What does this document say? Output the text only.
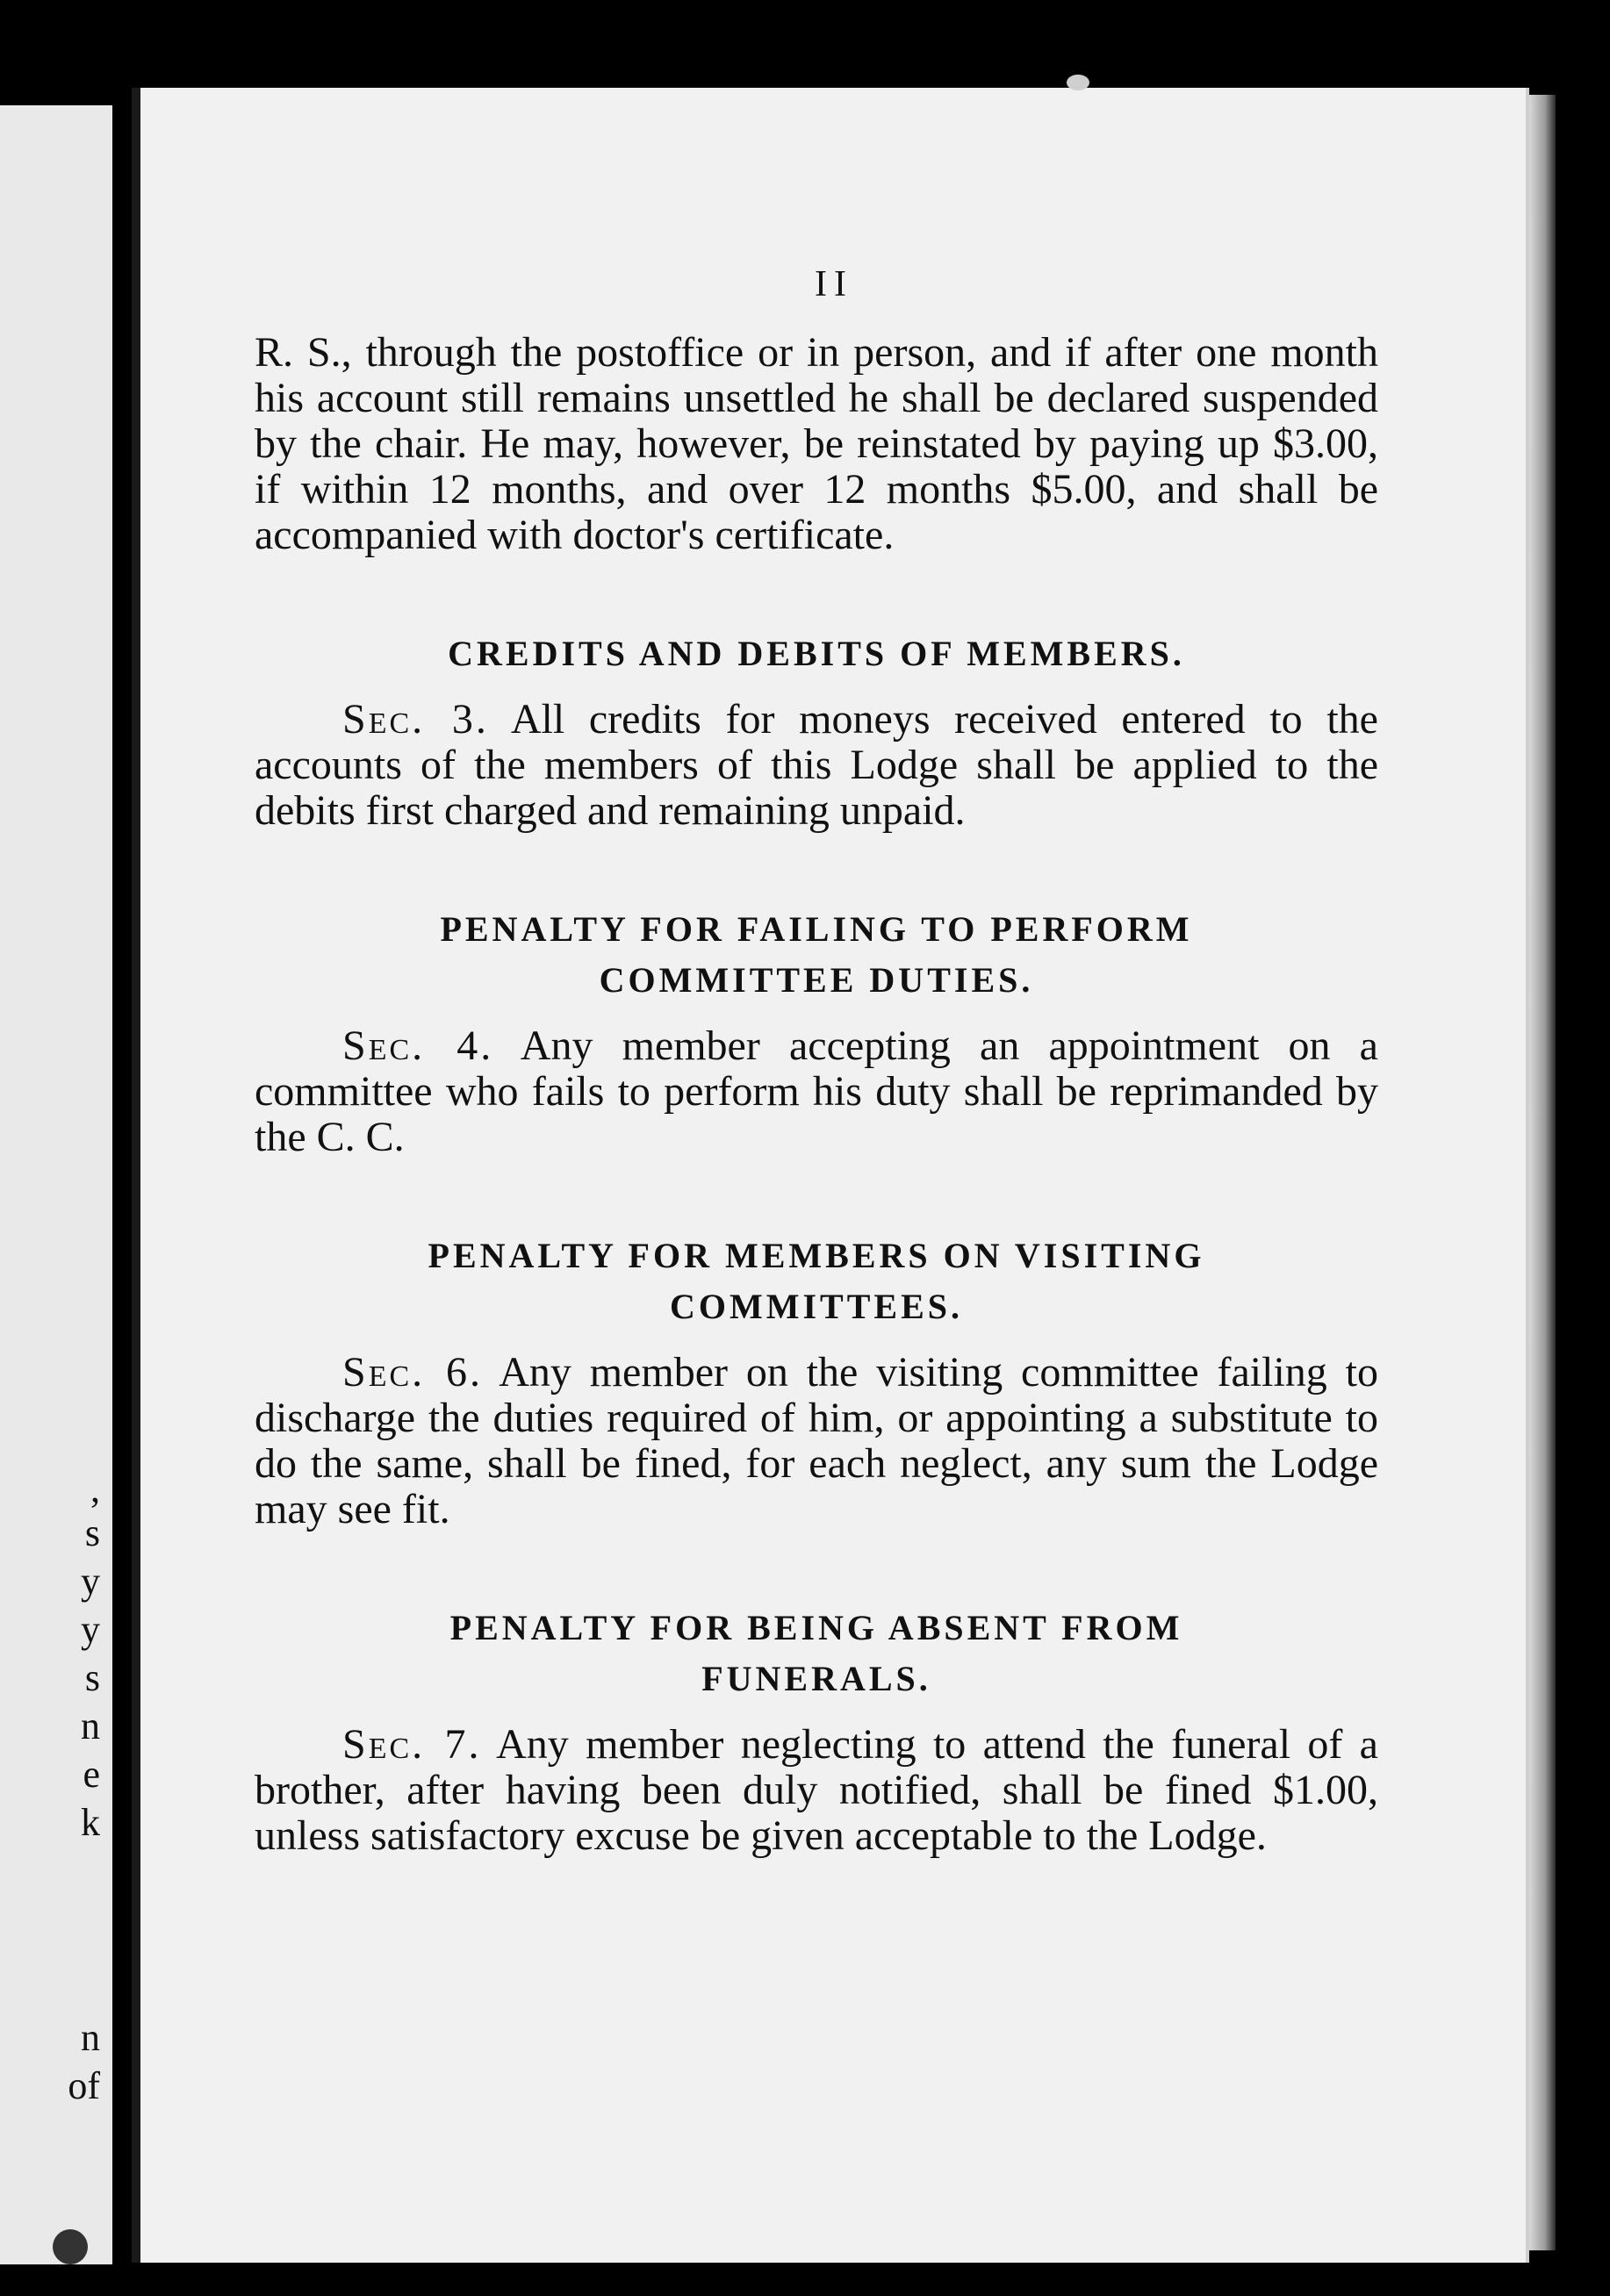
,
s
y
y
s
n
e
k
n
of

II

R. S., through the postoffice or in person, and if after one month his account still remains unsettled he shall be declared suspended by the chair. He may, however, be reinstated by paying up $3.00, if within 12 months, and over 12 months $5.00, and shall be accompanied with doctor's certificate.

CREDITS AND DEBITS OF MEMBERS.

Sec. 3. All credits for moneys received entered to the accounts of the members of this Lodge shall be applied to the debits first charged and remaining unpaid.

PENALTY FOR FAILING TO PERFORM COMMITTEE DUTIES.

Sec. 4. Any member accepting an appointment on a committee who fails to perform his duty shall be reprimanded by the C. C.

PENALTY FOR MEMBERS ON VISITING COMMITTEES.

Sec. 6. Any member on the visiting committee failing to discharge the duties required of him, or appointing a substitute to do the same, shall be fined, for each neglect, any sum the Lodge may see fit.

PENALTY FOR BEING ABSENT FROM FUNERALS.

Sec. 7. Any member neglecting to attend the funeral of a brother, after having been duly notified, shall be fined $1.00, unless satisfactory excuse be given acceptable to the Lodge.
